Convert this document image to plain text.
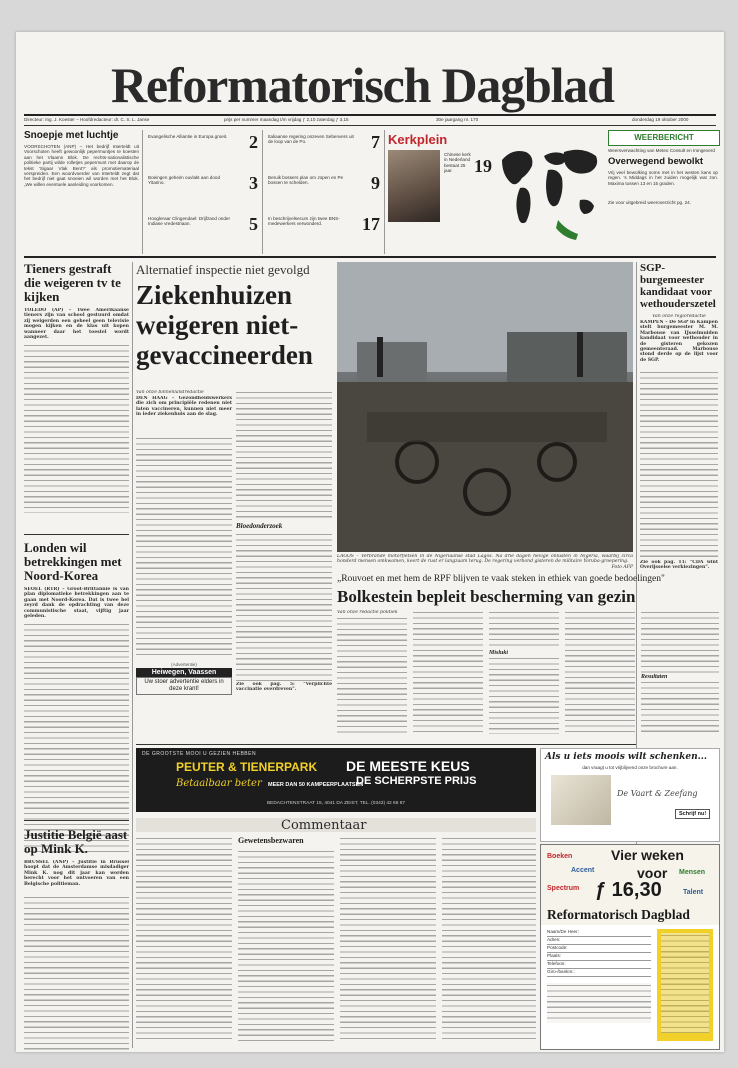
Reformatorisch Dagblad
Directeur: Ing. J. Koester – Hoofdredacteur: dr. C. S. L. Janse	prijs per nummer maandag t/m vrijdag ƒ 2,10 zaterdag ƒ 3,15	30e jaargang nr. 170	donderdag 19 oktober 2000
Snoepje met luchtje
VOORSCHOTEN (ANP) – Het bedrijf Interteldt uit Voorschoten heeft gewoonlijk pepermuntjes te koesten aan het Vlaams Blok. De rechts-nationalistische politieke partij wilde rolletjes pepermunt met daarop de tekst 'Sigaar Vlak Bent?' als promotiemateriaal verspreiden. Een woordvoerder van Interteldt zegt dat het bedrijf niet gaat snoeien wil worden met het Blok. „We willen eventuele aanleiding voorkomen.
Evangelische Alliantie in Europa groeit.	2
Boeingen geheim ouvlakt aan dood Yitarino.	3
Hoogleraar Clingendael: Drijfzand onder Indiase vredestriaan.	5
Italiaanse regering onzeven Sebenvers uit de loop van de Po.	7
Beruik bossers plan om Jopen en Pe bossen te schelden.	9
In beschrijvelsecum zijn twee BNS-medewerkers verwonderd.	17
Kerkplein
Chinese kerk in Nederland bestaat 25 jaar.	19
WEERBERICHT
Weersverwachting van Meteo Consult en Irongeverd
Overwegend bewolkt
Vrij veel bewolking soms met in het westen kans op regen. 's Middags in het zuiden mogelijk wat zon. Maxima tussen 13 en 15 graden.
Zie voor uitgebreid weeroverzicht pg. 24.
Tieners gestraft die weigeren tv te kijken
TOLEDO (AP) – Twee Amerikaanse tieners zijn van school gestuurd omdat zij weigerden een geheel geen televisie mogen kijken en de klas uit kopen wanneer daar het toestel wordt aangezet.
Londen wil betrekkingen met Noord-Korea
SEOEL (RTR) – Groot-Brittannië is van plan diplomatieke betrekkingen aan te gaan met Noord-Korea. Dat is twee bel zeyrd dank de opdrachting van deze communistische staat, vijftig jaar geleden.
Justitie België aast op Mink K.
BRUSSEL (ANP) – Justitie in Brussel hoopt dat de Amsterdamse misdadiger Mink K. nog dit jaar kan worden berecht voor het ontvoeren van een Belgische politieman.
Alternatief inspectie niet gevolgd
Ziekenhuizen weigeren niet-gevaccineerden
Van onze binnenlandredactie
DEN HAAG – Gezondheidswerkers die zich om principiële redenen niet laten vaccineren, kunnen niet meer in ieder ziekenhuis aan de slag.
(Advertentie)
Heiwegen, Vaassen
Uw stoer advertentie elders in deze krant!
Bloedonderzoek
Zie ook pag. 5: "Verplichte vaccinatie overdreven".
LAGOS – Verbrande motorfietsen in de Nigeriaanse stad Lagos. Na drie dagen hevige onlusten in Nigeria, waarbij circa honderd mensen omkwamen, keert de rust er langzaam terug. De regering verbond gisteren de militaire Yoruba-groepering.
Foto AFP
SGP-burgemeester kandidaat voor wethouderszetel
Van onze regioredactie
KAMPEN – De SGP in Kampen stelt burgemeester M. M. Marbouse van IJsselmuiden kandidaat voor wethouder in de gisteren gekozen gemeenteraad. Marbouse stond derde op de lijst voor de SGP.
Zie ook pag. 11: "CDA wint Overijsselse verkiezingen".
„Rouvoet en met hem de RPF blijven te vaak steken in ethiek van goede bedoelingen"
Bolkestein bepleit bescherming van gezin
Van onze redactie politiek
Misluki
Resultaten
DE GROOTSTE MOOI U GEZIEN HEBBEN
PEUTER & TIENERPARK DE MEESTE KEUS
DE SCHERPSTE PRIJS
Betaalbaar beter MEER DAN 50 KAMPEERPLAATSEN
BEDACHTENSTRAAT 15, 4041 DA ZEIST, TEL. (0343) 42 68 87
Commentaar
Gewetensbezwaren
Als u iets moois wilt schenken...
dan vraagt u tot vrijblijvend onze brochure aan.
De Vaart & Zeefang
Schrijf nu!
Vier weken
Boeken
Accent	Mensen
voor
Spectrum ƒ 16,30	Talent
Reformatorisch Dagblad
Naam/De Heer:
Adres:
Postcode:
Plaats:
Telefoon:
Giro-/banknr.:
